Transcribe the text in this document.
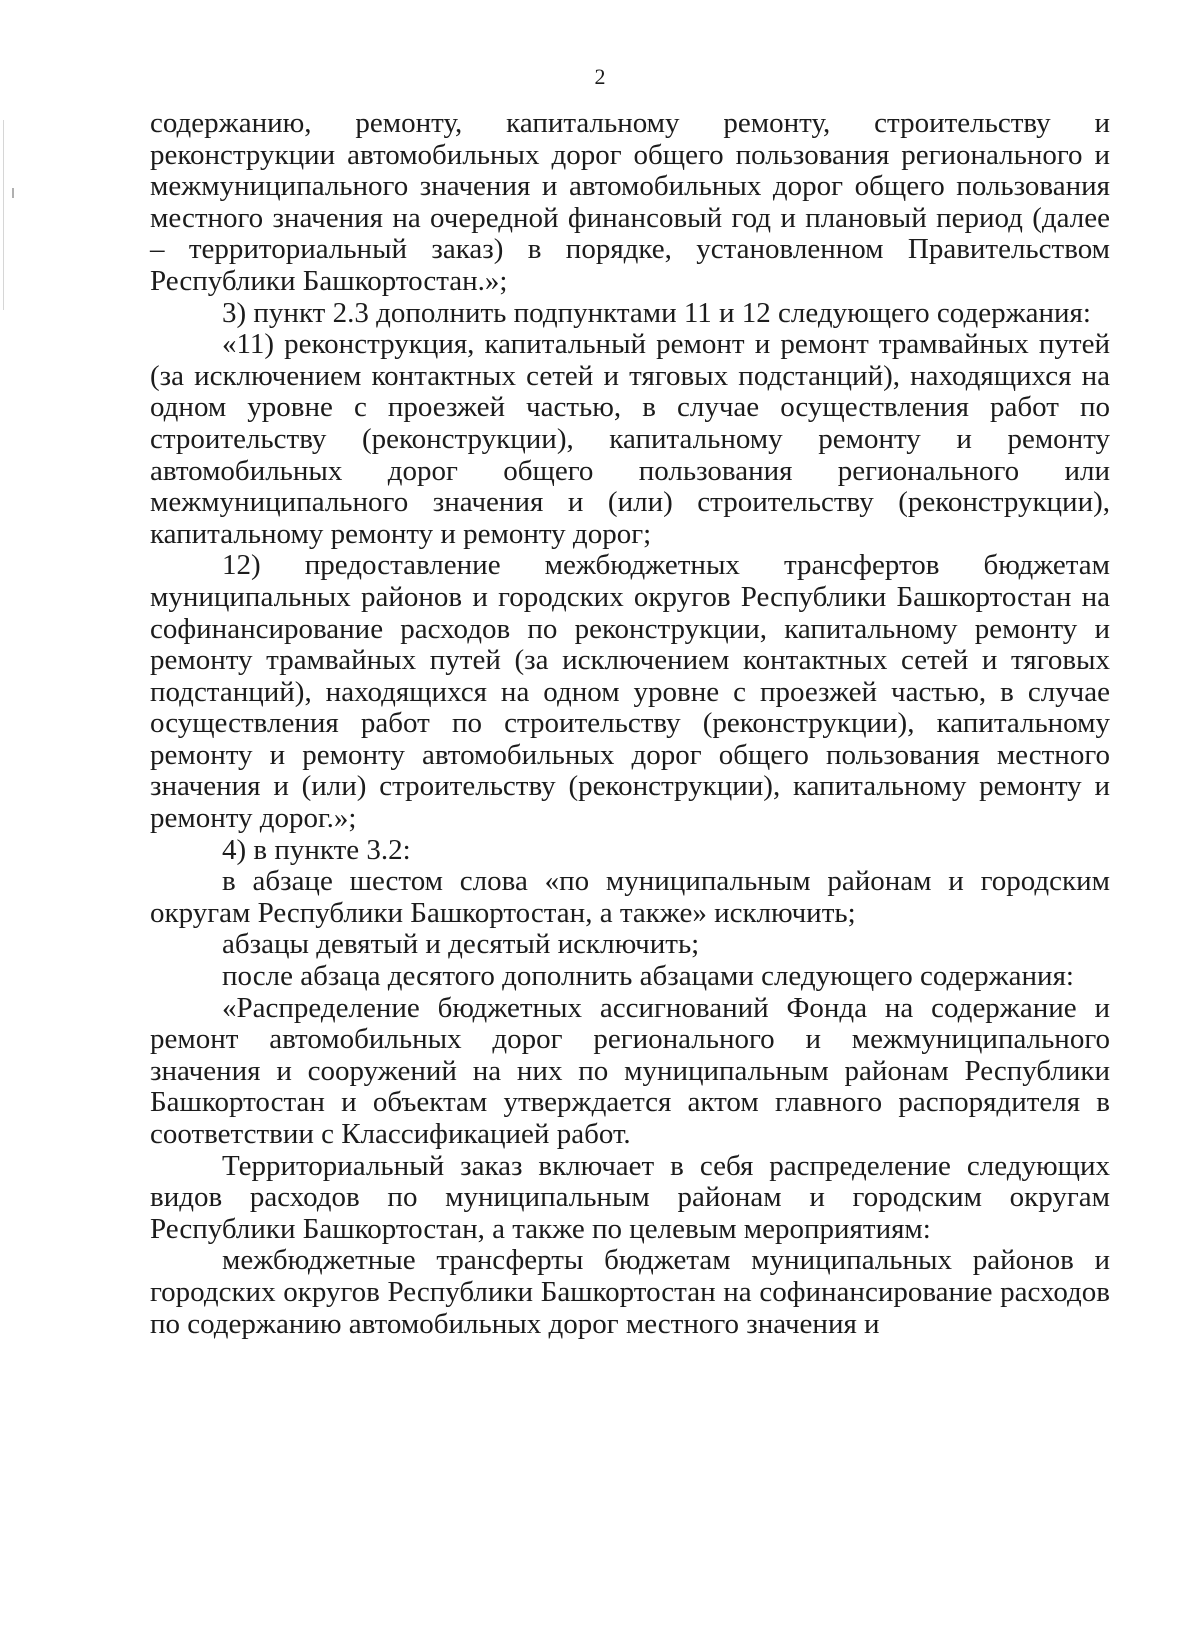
2

содержанию, ремонту, капитальному ремонту, строительству и реконструкции автомобильных дорог общего пользования регионального и межмуниципального значения и автомобильных дорог общего пользования местного значения на очередной финансовый год и плановый период (далее – территориальный заказ) в порядке, установленном Правительством Республики Башкортостан.»;

3) пункт 2.3 дополнить подпунктами 11 и 12 следующего содержания:

«11) реконструкция, капитальный ремонт и ремонт трамвайных путей (за исключением контактных сетей и тяговых подстанций), находящихся на одном уровне с проезжей частью, в случае осуществления работ по строительству (реконструкции), капитальному ремонту и ремонту автомобильных дорог общего пользования регионального или межмуниципального значения и (или) строительству (реконструкции), капитальному ремонту и ремонту дорог;

12) предоставление межбюджетных трансфертов бюджетам муниципальных районов и городских округов Республики Башкортостан на софинансирование расходов по реконструкции, капитальному ремонту и ремонту трамвайных путей (за исключением контактных сетей и тяговых подстанций), находящихся на одном уровне с проезжей частью, в случае осуществления работ по строительству (реконструкции), капитальному ремонту и ремонту автомобильных дорог общего пользования местного значения и (или) строительству (реконструкции), капитальному ремонту и ремонту дорог.»;

4) в пункте 3.2:

в абзаце шестом слова «по муниципальным районам и городским округам Республики Башкортостан, а также» исключить;

абзацы девятый и десятый исключить;

после абзаца десятого дополнить абзацами следующего содержания:

«Распределение бюджетных ассигнований Фонда на содержание и ремонт автомобильных дорог регионального и межмуниципального значения и сооружений на них по муниципальным районам Республики Башкортостан и объектам утверждается актом главного распорядителя в соответствии с Классификацией работ.

Территориальный заказ включает в себя распределение следующих видов расходов по муниципальным районам и городским округам Республики Башкортостан, а также по целевым мероприятиям:

межбюджетные трансферты бюджетам муниципальных районов и городских округов Республики Башкортостан на софинансирование расходов по содержанию автомобильных дорог местного значения и
